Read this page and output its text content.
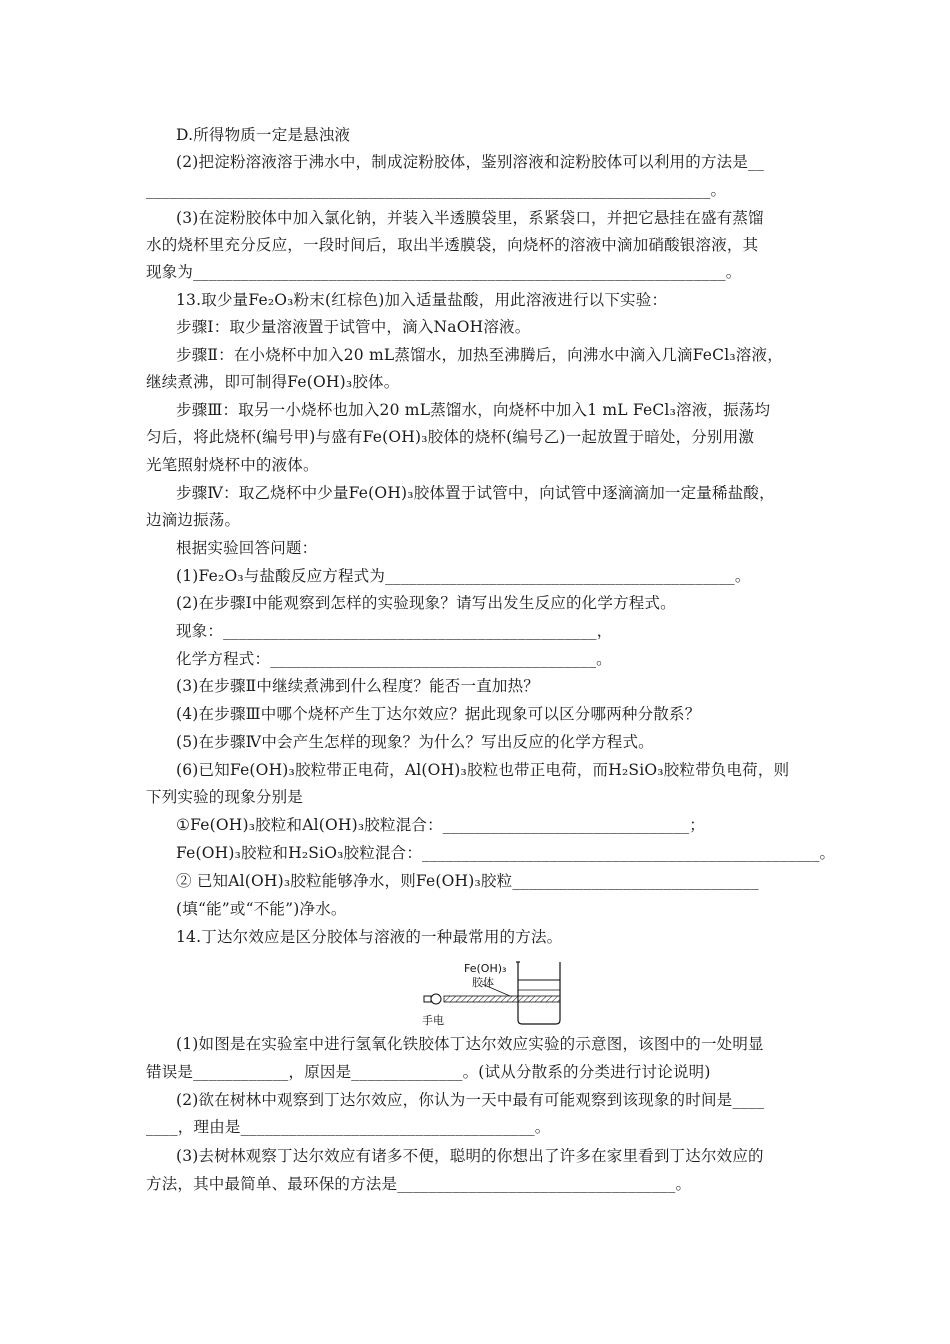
D.所得物质一定是悬浊液
(2)把淀粉溶液溶于沸水中，制成淀粉胶体，鉴别溶液和淀粉胶体可以利用的方法是__
_______________________________________________________________________。
(3)在淀粉胶体中加入氯化钠，并装入半透膜袋里，系紧袋口，并把它悬挂在盛有蒸馏
水的烧杯里充分反应，一段时间后，取出半透膜袋，向烧杯的溶液中滴加硝酸银溶液，其
现象为___________________________________________________________________。
13.取少量Fe₂O₃粉末(红棕色)加入适量盐酸，用此溶液进行以下实验：
步骤Ⅰ：取少量溶液置于试管中，滴入NaOH溶液。
步骤Ⅱ：在小烧杯中加入20 mL蒸馏水，加热至沸腾后，向沸水中滴入几滴FeCl₃溶液，
继续煮沸，即可制得Fe(OH)₃胶体。
步骤Ⅲ：取另一小烧杯也加入20 mL蒸馏水，向烧杯中加入1 mL FeCl₃溶液，振荡均
匀后，将此烧杯(编号甲)与盛有Fe(OH)₃胶体的烧杯(编号乙)一起放置于暗处，分别用激
光笔照射烧杯中的液体。
步骤Ⅳ：取乙烧杯中少量Fe(OH)₃胶体置于试管中，向试管中逐滴滴加一定量稀盐酸，
边滴边振荡。
根据实验回答问题：
(1)Fe₂O₃与盐酸反应方程式为____________________________________________。
(2)在步骤Ⅰ中能观察到怎样的实验现象？请写出发生反应的化学方程式。
现象：_______________________________________________，
化学方程式：_________________________________________。
(3)在步骤Ⅱ中继续煮沸到什么程度？能否一直加热？
(4)在步骤Ⅲ中哪个烧杯产生丁达尔效应？据此现象可以区分哪两种分散系？
(5)在步骤Ⅳ中会产生怎样的现象？为什么？写出反应的化学方程式。
(6)已知Fe(OH)₃胶粒带正电荷，Al(OH)₃胶粒也带正电荷，而H₂SiO₃胶粒带负电荷，则
下列实验的现象分别是
①Fe(OH)₃胶粒和Al(OH)₃胶粒混合：_______________________________；
Fe(OH)₃胶粒和H₂SiO₃胶粒混合：__________________________________________________。
② 已知Al(OH)₃胶粒能够净水，则Fe(OH)₃胶粒_______________________________
(填“能”或“不能”)净水。
14.丁达尔效应是区分胶体与溶液的一种最常用的方法。
Fe(OH)₃
胶体
手电
(1)如图是在实验室中进行氢氧化铁胶体丁达尔效应实验的示意图，该图中的一处明显
错误是____________，原因是______________。(试从分散系的分类进行讨论说明)
(2)欲在树林中观察到丁达尔效应，你认为一天中最有可能观察到该现象的时间是____
____，理由是_____________________________________。
(3)去树林观察丁达尔效应有诸多不便，聪明的你想出了许多在家里看到丁达尔效应的
方法，其中最简单、最环保的方法是___________________________________。
